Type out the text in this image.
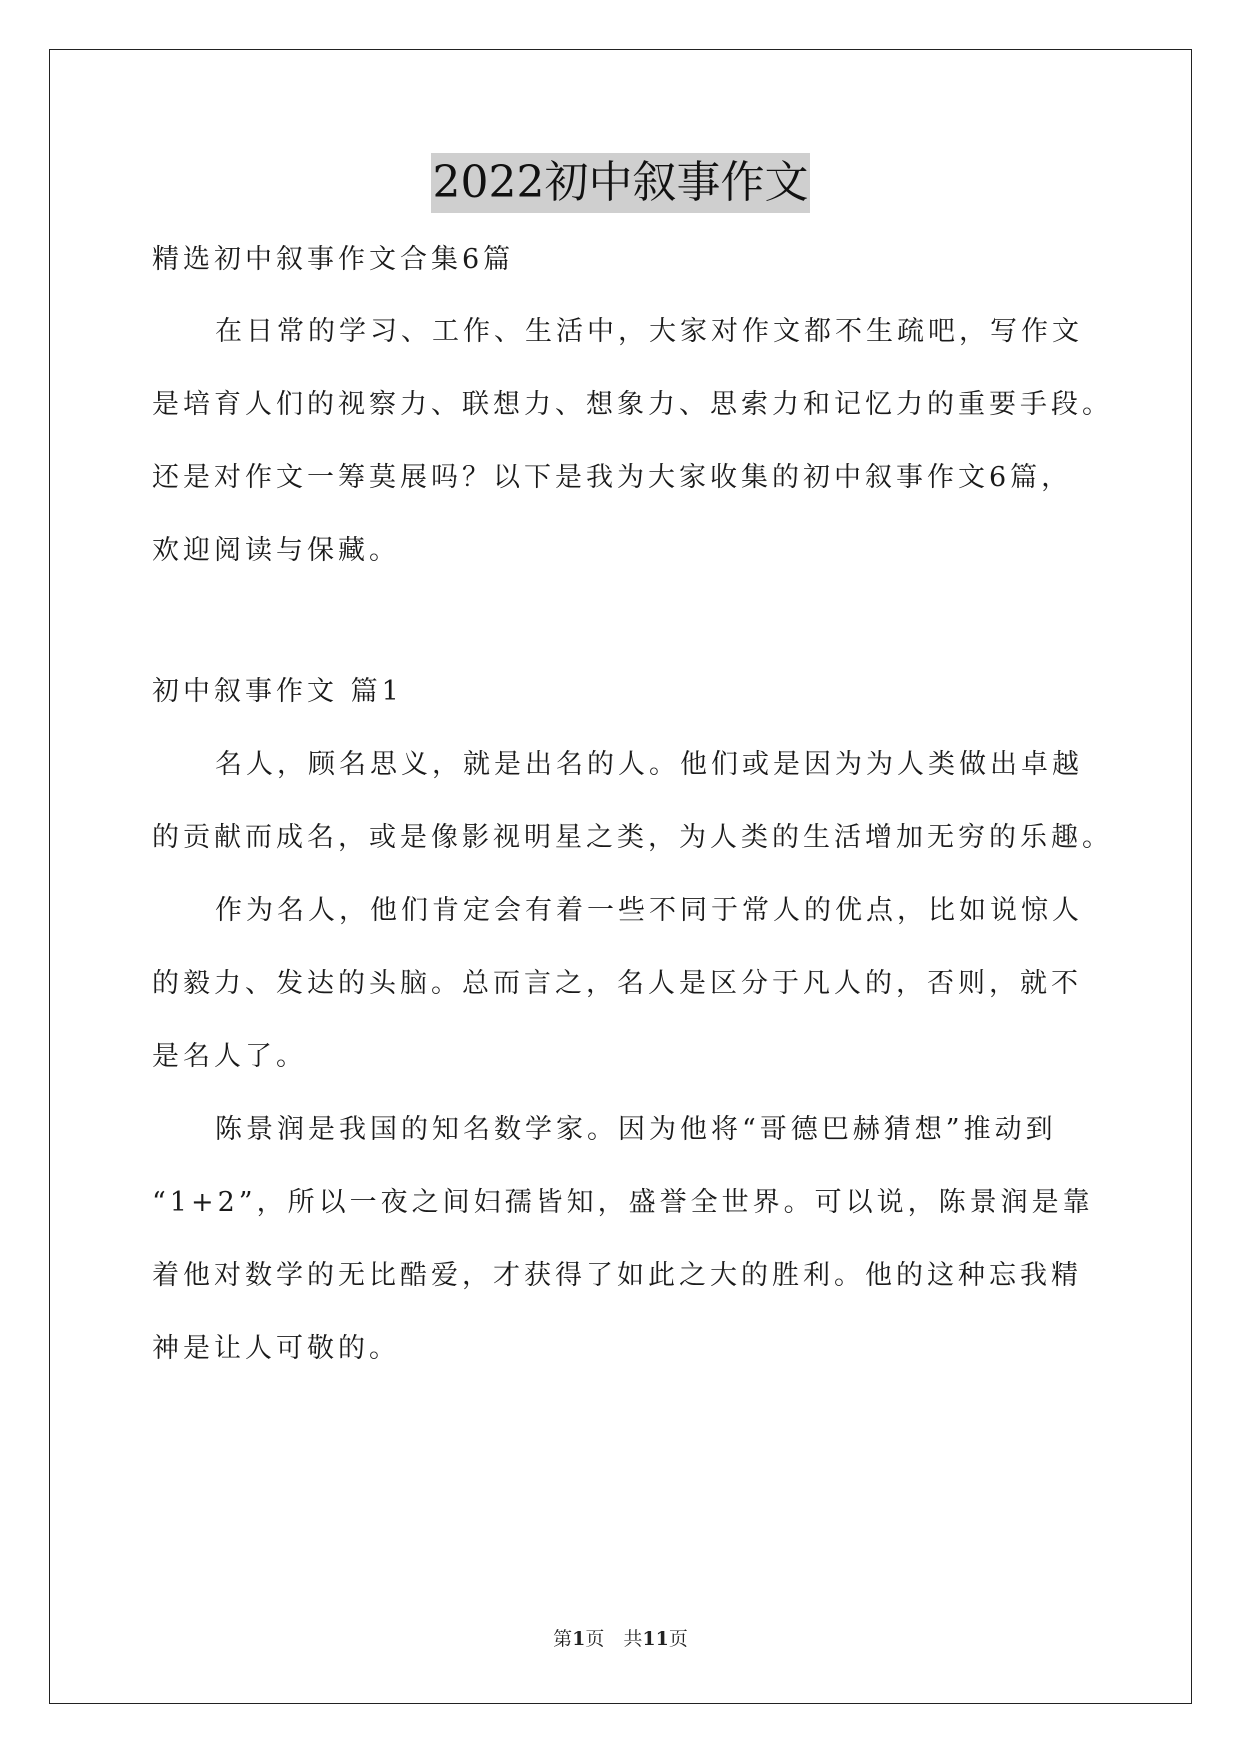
2022初中叙事作文
精选初中叙事作文合集6篇
在日常的学习、工作、生活中，大家对作文都不生疏吧，写作文
是培育人们的视察力、联想力、想象力、思索力和记忆力的重要手段。
还是对作文一筹莫展吗？以下是我为大家收集的初中叙事作文6篇，
欢迎阅读与保藏。
初中叙事作文 篇1
名人，顾名思义，就是出名的人。他们或是因为为人类做出卓越
的贡献而成名，或是像影视明星之类，为人类的生活增加无穷的乐趣。
作为名人，他们肯定会有着一些不同于常人的优点，比如说惊人
的毅力、发达的头脑。总而言之，名人是区分于凡人的，否则，就不
是名人了。
陈景润是我国的知名数学家。因为他将“哥德巴赫猜想”推动到
“1+2”，所以一夜之间妇孺皆知，盛誉全世界。可以说，陈景润是靠
着他对数学的无比酷爱，才获得了如此之大的胜利。他的这种忘我精
神是让人可敬的。
第1页　共11页
